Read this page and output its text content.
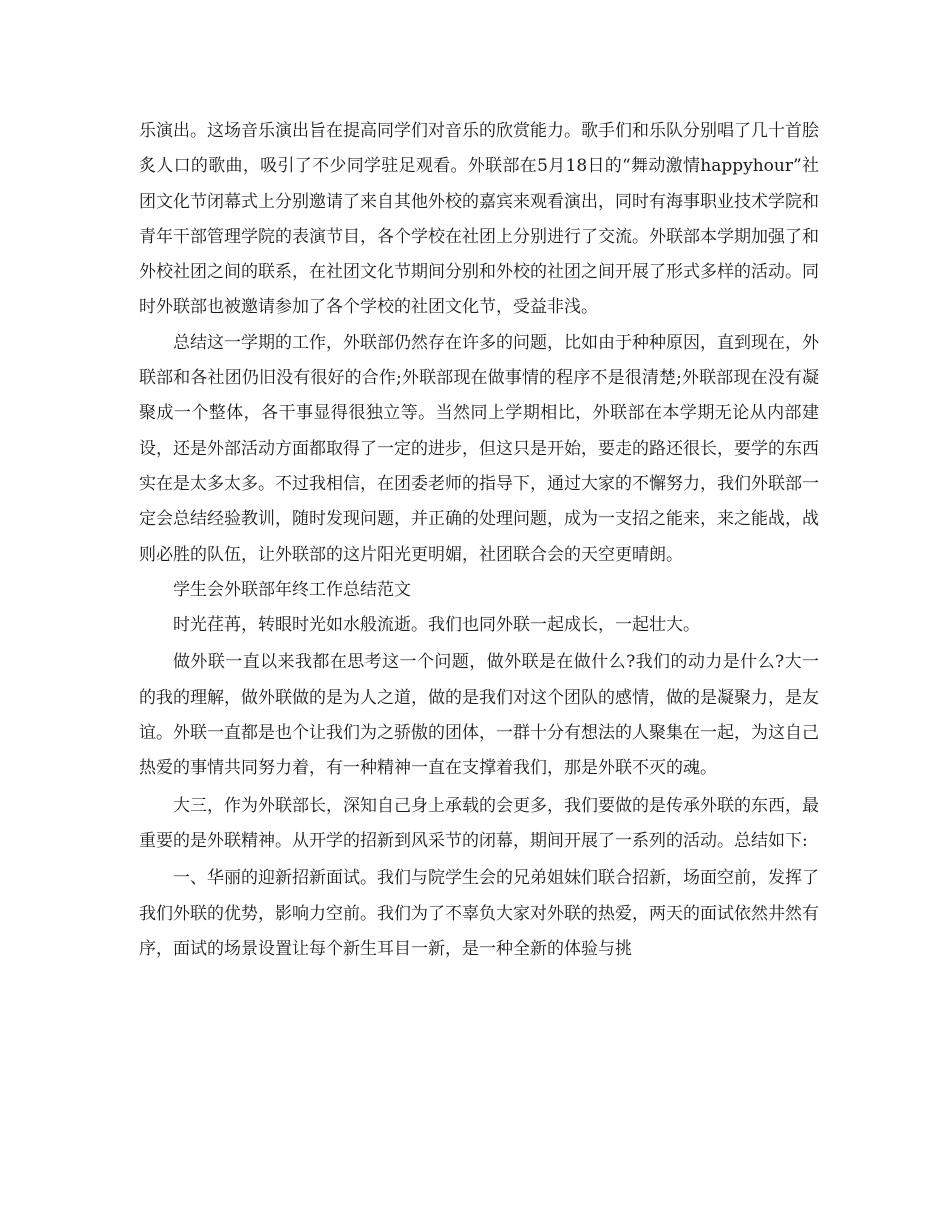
乐演出。这场音乐演出旨在提高同学们对音乐的欣赏能力。歌手们和乐队分别唱了几十首脍炙人口的歌曲，吸引了不少同学驻足观看。外联部在5月18日的“舞动激情happyhour”社团文化节闭幕式上分别邀请了来自其他外校的嘉宾来观看演出，同时有海事职业技术学院和青年干部管理学院的表演节目，各个学校在社团上分别进行了交流。外联部本学期加强了和外校社团之间的联系，在社团文化节期间分别和外校的社团之间开展了形式多样的活动。同时外联部也被邀请参加了各个学校的社团文化节，受益非浅。

总结这一学期的工作，外联部仍然存在许多的问题，比如由于种种原因，直到现在，外联部和各社团仍旧没有很好的合作;外联部现在做事情的程序不是很清楚;外联部现在没有凝聚成一个整体，各干事显得很独立等。当然同上学期相比，外联部在本学期无论从内部建设，还是外部活动方面都取得了一定的进步，但这只是开始，要走的路还很长，要学的东西实在是太多太多。不过我相信，在团委老师的指导下，通过大家的不懈努力，我们外联部一定会总结经验教训，随时发现问题，并正确的处理问题，成为一支招之能来，来之能战，战则必胜的队伍，让外联部的这片阳光更明媚，社团联合会的天空更晴朗。

学生会外联部年终工作总结范文

时光荏苒，转眼时光如水般流逝。我们也同外联一起成长，一起壮大。

做外联一直以来我都在思考这一个问题，做外联是在做什么?我们的动力是什么?大一的我的理解，做外联做的是为人之道，做的是我们对这个团队的感情，做的是凝聚力，是友谊。外联一直都是也个让我们为之骄傲的团体，一群十分有想法的人聚集在一起，为这自己热爱的事情共同努力着，有一种精神一直在支撑着我们，那是外联不灭的魂。

大三，作为外联部长，深知自己身上承载的会更多，我们要做的是传承外联的东西，最重要的是外联精神。从开学的招新到风采节的闭幕，期间开展了一系列的活动。总结如下:

一、华丽的迎新招新面试。我们与院学生会的兄弟姐妹们联合招新，场面空前，发挥了我们外联的优势，影响力空前。我们为了不辜负大家对外联的热爱，两天的面试依然井然有序，面试的场景设置让每个新生耳目一新，是一种全新的体验与挑
